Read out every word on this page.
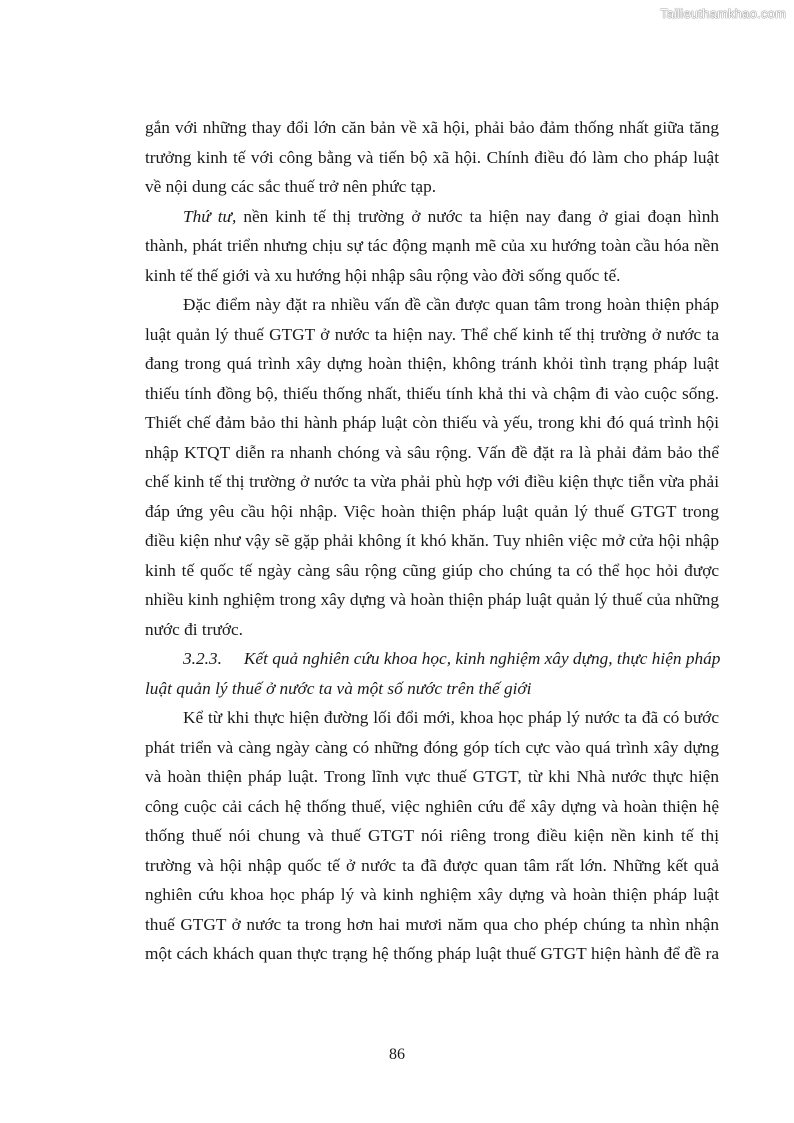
Tailieuthamkhao.com
gắn với những thay đổi lớn căn bản về xã hội, phải bảo đảm thống nhất giữa tăng
trưởng kinh tế với công bằng và tiến bộ xã hội. Chính điều đó làm cho pháp luật
về nội dung các sắc thuế trở nên phức tạp.
Thứ tư, nền kinh tế thị trường ở nước ta hiện nay đang ở giai đoạn hình
thành, phát triển nhưng chịu sự tác động mạnh mẽ của xu hướng toàn cầu hóa nền
kinh tế thế giới và xu hướng hội nhập sâu rộng vào đời sống quốc tế.
Đặc điểm này đặt ra nhiều vấn đề cần được quan tâm trong hoàn thiện pháp
luật quản lý thuế GTGT ở nước ta hiện nay. Thể chế kinh tế thị trường ở nước ta
đang trong quá trình xây dựng hoàn thiện, không tránh khỏi tình trạng pháp luật
thiếu tính đồng bộ, thiếu thống nhất, thiếu tính khả thi và chậm đi vào cuộc sống.
Thiết chế đảm bảo thi hành pháp luật còn thiếu và yếu, trong khi đó quá trình hội
nhập KTQT diễn ra nhanh chóng và sâu rộng. Vấn đề đặt ra là phải đảm bảo thể
chế kinh tế thị trường ở nước ta vừa phải phù hợp với điều kiện thực tiễn vừa phải
đáp ứng yêu cầu hội nhập. Việc hoàn thiện pháp luật quản lý thuế GTGT trong
điều kiện như vậy sẽ gặp phải không ít khó khăn. Tuy nhiên việc mở cửa hội nhập
kinh tế quốc tế ngày càng sâu rộng cũng giúp cho chúng ta có thể học hỏi được
nhiều kinh nghiệm trong xây dựng và hoàn thiện pháp luật quản lý thuế của những
nước đi trước.
3.2.3. Kết quả nghiên cứu khoa học, kinh nghiệm xây dựng, thực hiện pháp
luật quản lý thuế ở nước ta và một số nước trên thế giới
Kể từ khi thực hiện đường lối đổi mới, khoa học pháp lý nước ta đã có bước
phát triển và càng ngày càng có những đóng góp tích cực vào quá trình xây dựng
và hoàn thiện pháp luật. Trong lĩnh vực thuế GTGT, từ khi Nhà nước thực hiện
công cuộc cải cách hệ thống thuế, việc nghiên cứu để xây dựng và hoàn thiện hệ
thống thuế nói chung và thuế GTGT nói riêng trong điều kiện nền kinh tế thị
trường và hội nhập quốc tế ở nước ta đã được quan tâm rất lớn. Những kết quả
nghiên cứu khoa học pháp lý và kinh nghiệm xây dựng và hoàn thiện pháp luật
thuế GTGT ở nước ta trong hơn hai mươi năm qua cho phép chúng ta nhìn nhận
một cách khách quan thực trạng hệ thống pháp luật thuế GTGT hiện hành để đề ra
86
